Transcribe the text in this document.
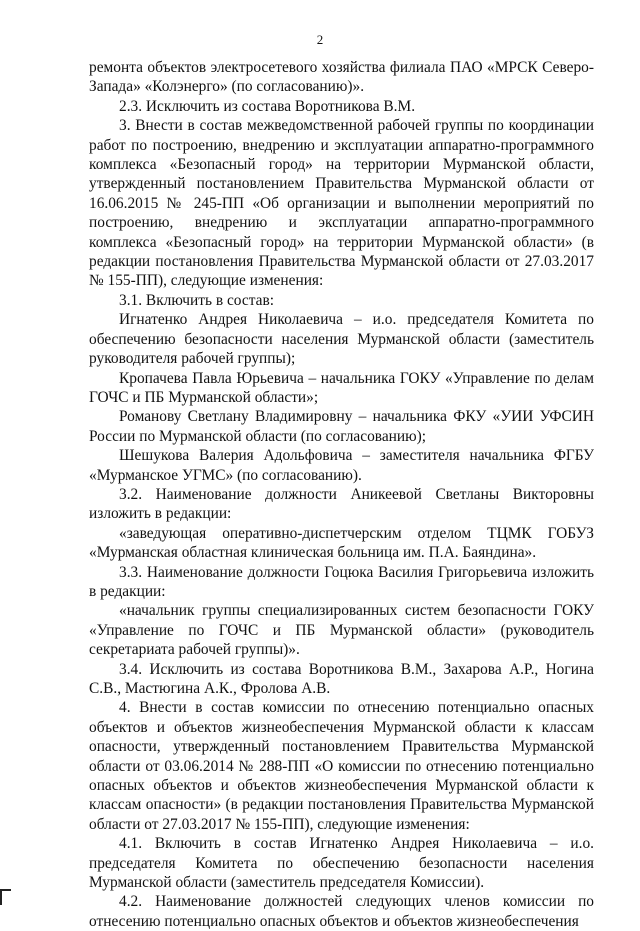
2

ремонта объектов электросетевого хозяйства филиала ПАО «МРСК Северо-Запада» «Колэнерго» (по согласованию)».

2.3. Исключить из состава Воротникова В.М.

3. Внести в состав межведомственной рабочей группы по координации работ по построению, внедрению и эксплуатации аппаратно-программного комплекса «Безопасный город» на территории Мурманской области, утвержденный постановлением Правительства Мурманской области от 16.06.2015 № 245-ПП «Об организации и выполнении мероприятий по построению, внедрению и эксплуатации аппаратно-программного комплекса «Безопасный город» на территории Мурманской области» (в редакции постановления Правительства Мурманской области от 27.03.2017 № 155-ПП), следующие изменения:

3.1. Включить в состав:

Игнатенко Андрея Николаевича – и.о. председателя Комитета по обеспечению безопасности населения Мурманской области (заместитель руководителя рабочей группы);

Кропачева Павла Юрьевича – начальника ГОКУ «Управление по делам ГОЧС и ПБ Мурманской области»;

Романову Светлану Владимировну – начальника ФКУ «УИИ УФСИН России по Мурманской области (по согласованию);

Шешукова Валерия Адольфовича – заместителя начальника ФГБУ «Мурманское УГМС» (по согласованию).

3.2. Наименование должности Аникеевой Светланы Викторовны изложить в редакции:

«заведующая оперативно-диспетчерским отделом ТЦМК ГОБУЗ «Мурманская областная клиническая больница им. П.А. Баяндина».

3.3. Наименование должности Гоцюка Василия Григорьевича изложить в редакции:

«начальник группы специализированных систем безопасности ГОКУ «Управление по ГОЧС и ПБ Мурманской области» (руководитель секретариата рабочей группы)».

3.4. Исключить из состава Воротникова В.М., Захарова А.Р., Ногина С.В., Мастюгина А.К., Фролова А.В.

4. Внести в состав комиссии по отнесению потенциально опасных объектов и объектов жизнеобеспечения Мурманской области к классам опасности, утвержденный постановлением Правительства Мурманской области от 03.06.2014 № 288-ПП «О комиссии по отнесению потенциально опасных объектов и объектов жизнеобеспечения Мурманской области к классам опасности» (в редакции постановления Правительства Мурманской области от 27.03.2017 № 155-ПП), следующие изменения:

4.1. Включить в состав Игнатенко Андрея Николаевича – и.о. председателя Комитета по обеспечению безопасности населения Мурманской области (заместитель председателя Комиссии).

4.2. Наименование должностей следующих членов комиссии по отнесению потенциально опасных объектов и объектов жизнеобеспечения
